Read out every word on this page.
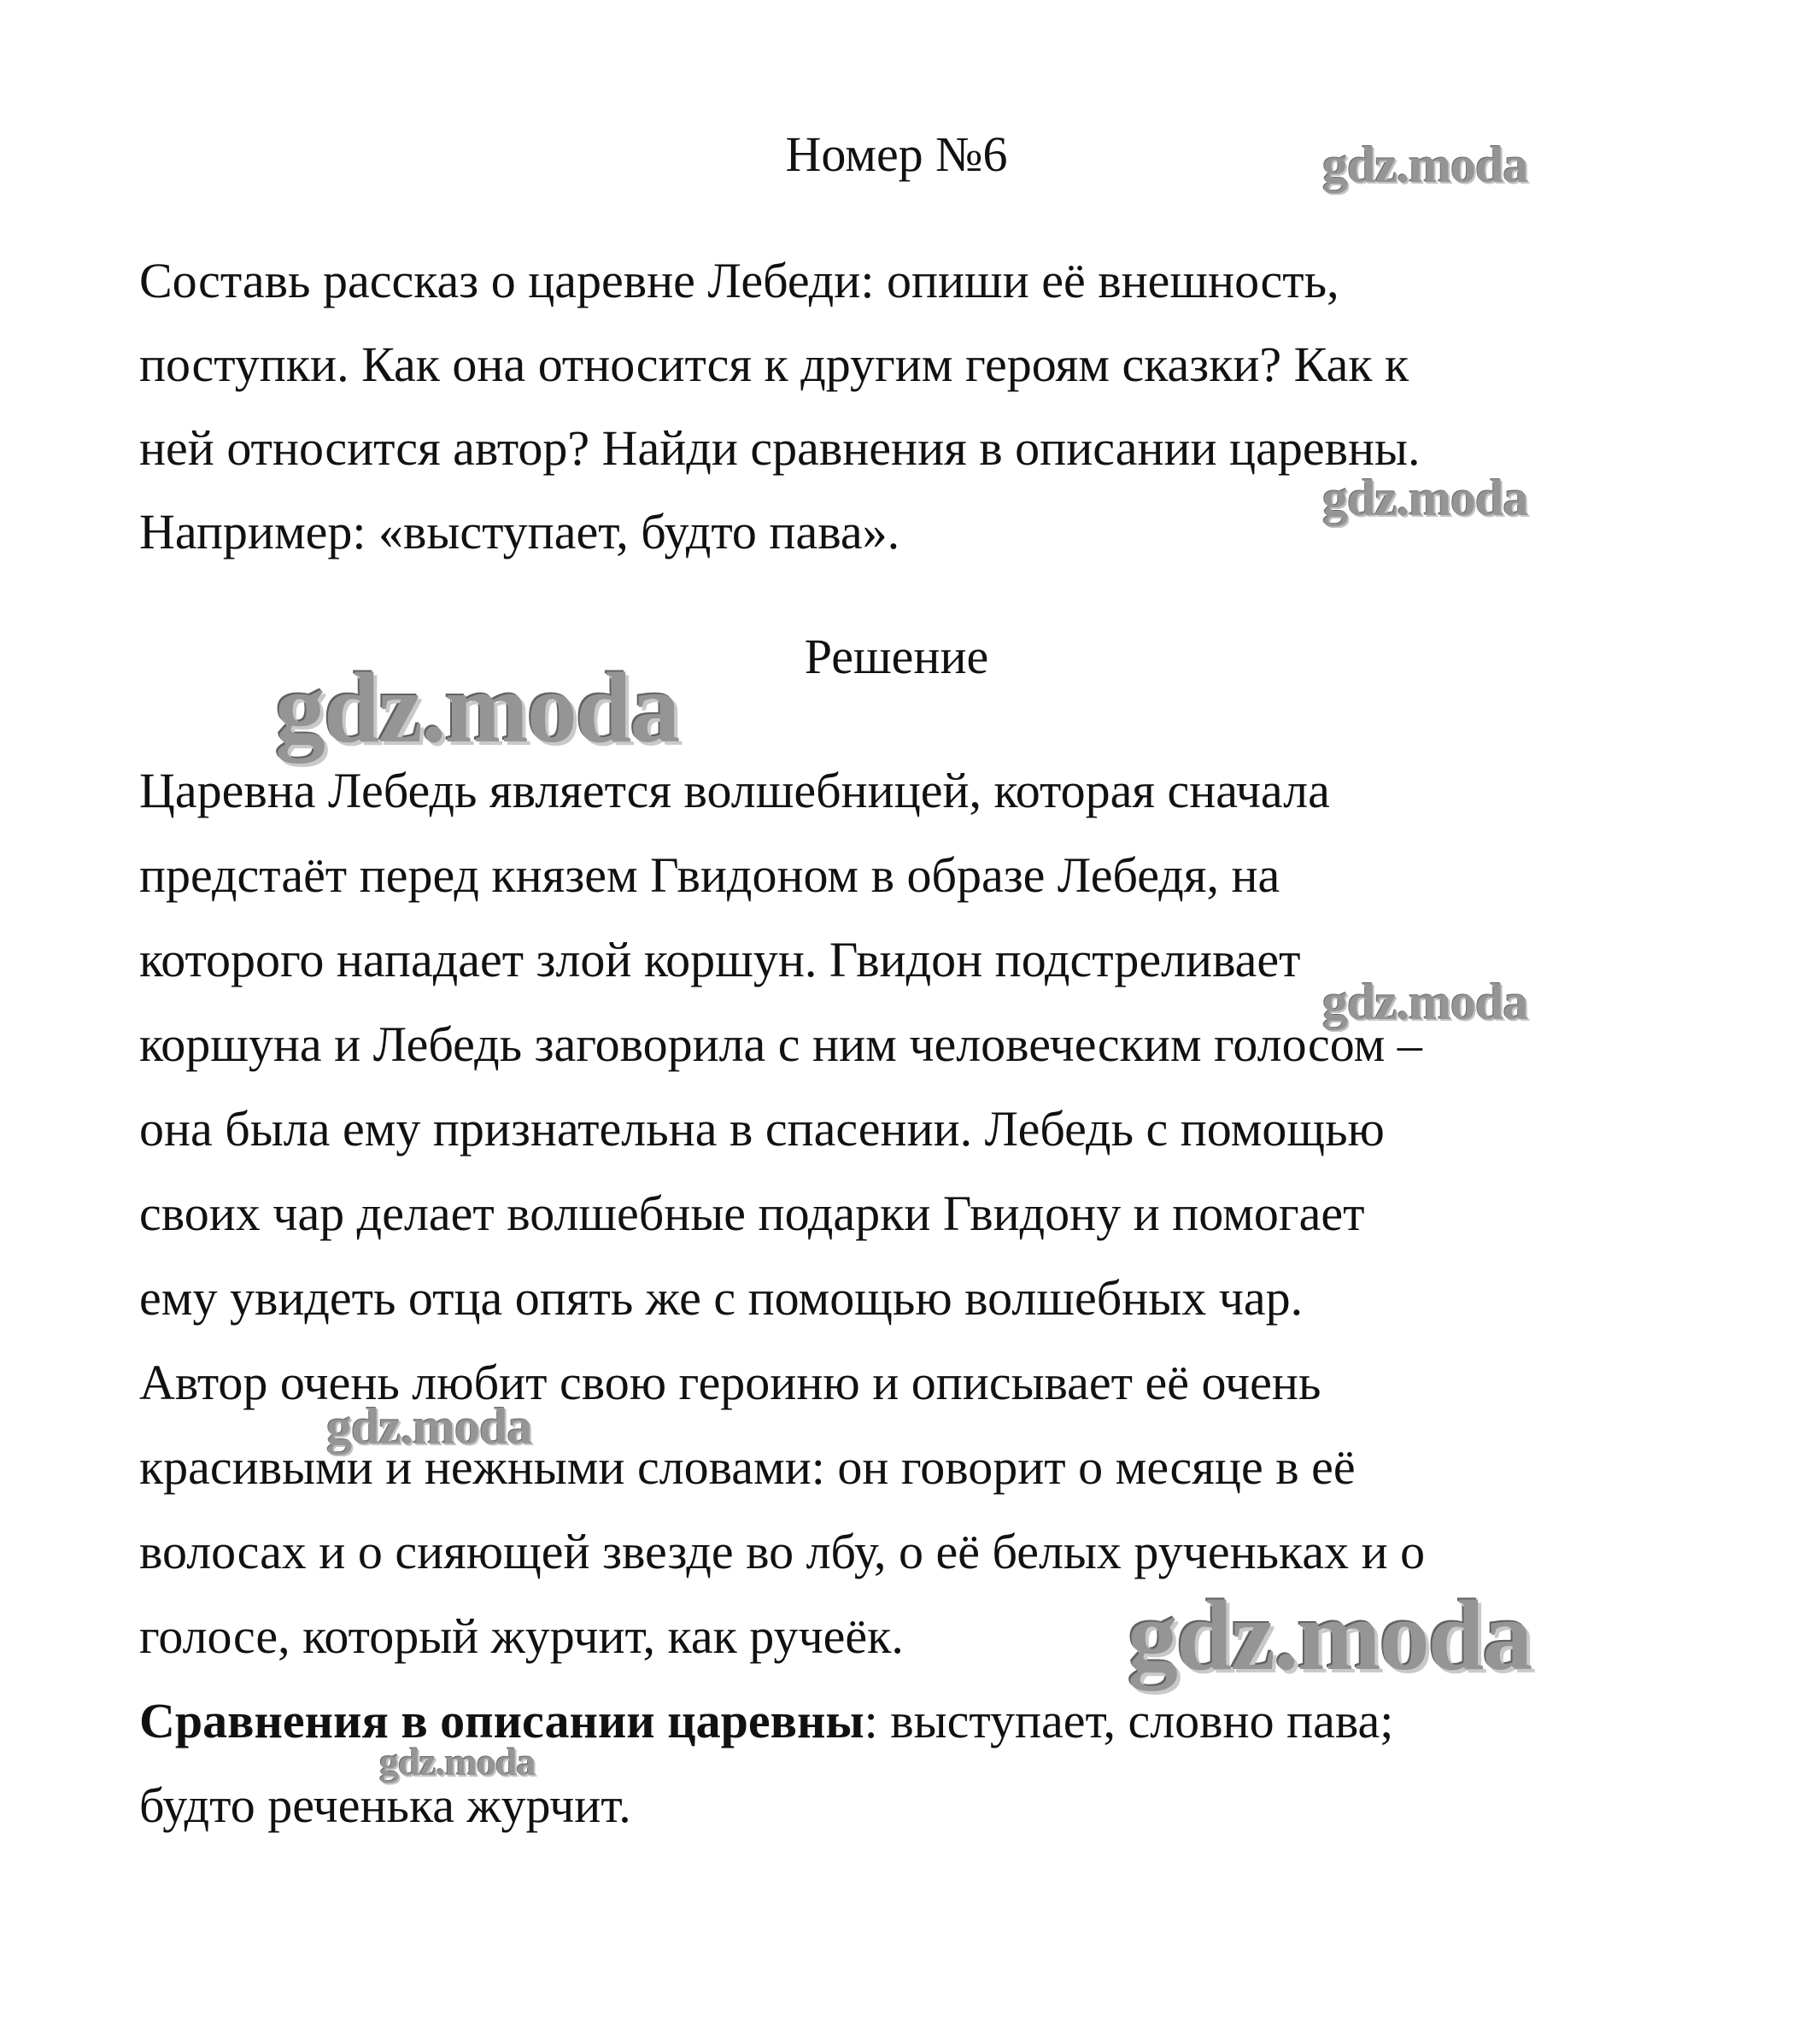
Номер №6
Составь рассказ о царевне Лебеди: опиши её внешность,
поступки. Как она относится к другим героям сказки? Как к
ней относится автор? Найди сравнения в описании царевны.
Например: «выступает, будто пава».
Решение
Царевна Лебедь является волшебницей, которая сначала
предстаёт перед князем Гвидоном в образе Лебедя, на
которого нападает злой коршун. Гвидон подстреливает
коршуна и Лебедь заговорила с ним человеческим голосом –
она была ему признательна в спасении. Лебедь с помощью
своих чар делает волшебные подарки Гвидону и помогает
ему увидеть отца опять же с помощью волшебных чар.
Автор очень любит свою героиню и описывает её очень
красивыми и нежными словами: он говорит о месяце в её
волосах и о сияющей звезде во лбу, о её белых рученьках и о
голосе, который журчит, как ручеёк.
Сравнения в описании царевны: выступает, словно пава;
будто реченька журчит.
gdz.moda
gdz.moda
gdz.moda
gdz.moda
gdz.moda
gdz.moda
gdz.moda
